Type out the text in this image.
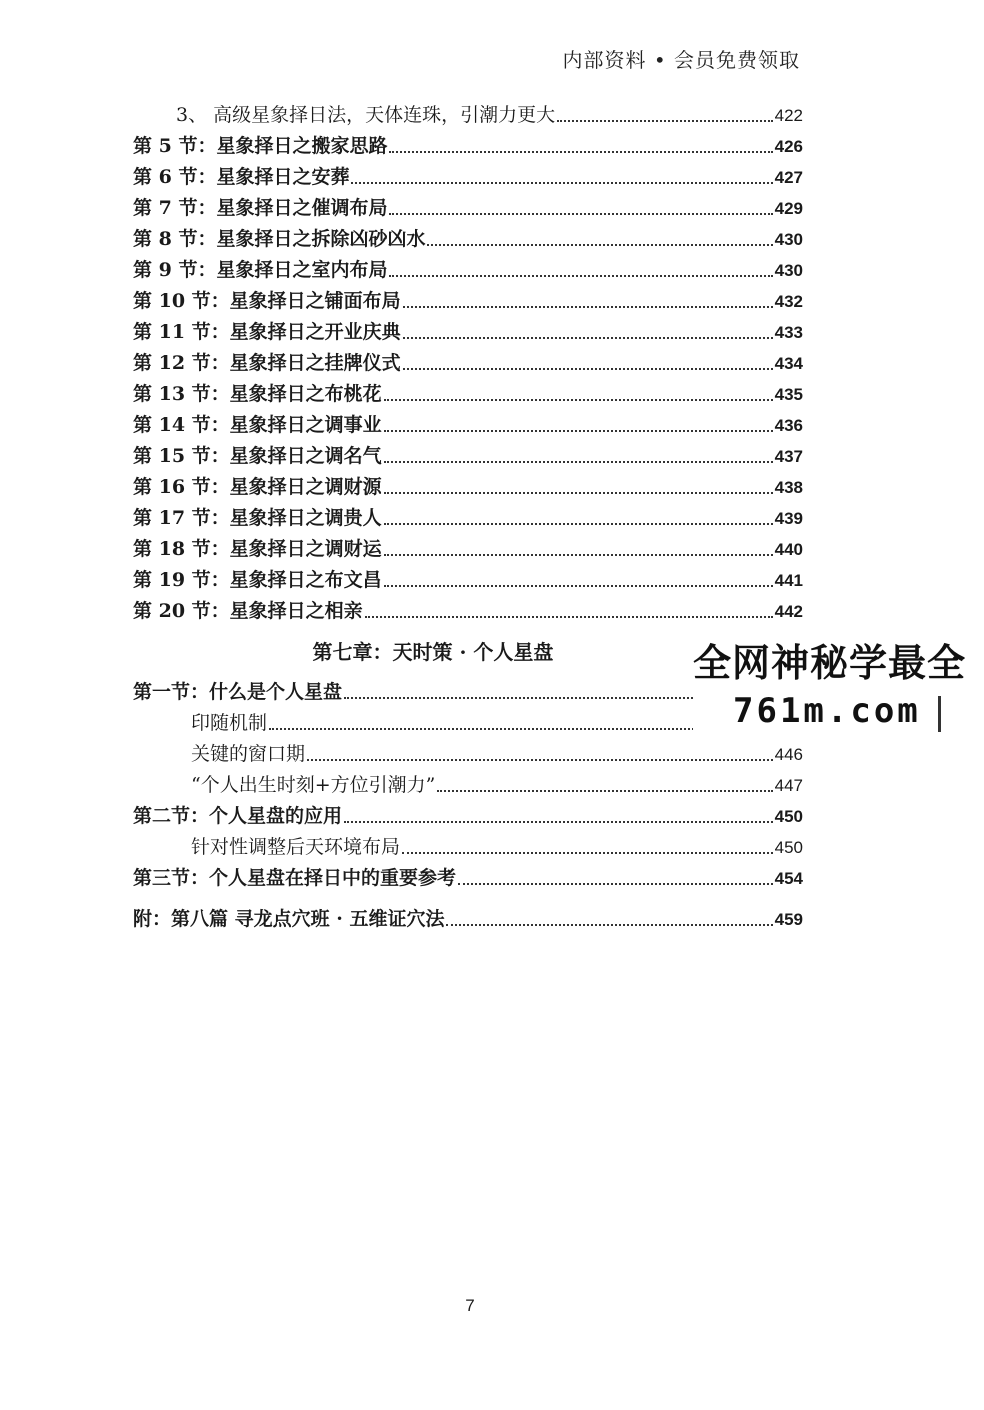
内部资料 • 会员免费领取
3、 高级星象择日法，天体连珠，引潮力更大	422
第 5 节：星象择日之搬家思路	426
第 6 节：星象择日之安葬	427
第 7 节：星象择日之催调布局	429
第 8 节：星象择日之拆除凶砂凶水	430
第 9 节：星象择日之室内布局	430
第 10 节：星象择日之铺面布局	432
第 11 节：星象择日之开业庆典	433
第 12 节：星象择日之挂牌仪式	434
第 13 节：星象择日之布桃花	435
第 14 节：星象择日之调事业	436
第 15 节：星象择日之调名气	437
第 16 节：星象择日之调财源	438
第 17 节：星象择日之调贵人	439
第 18 节：星象择日之调财运	440
第 19 节：星象择日之布文昌	441
第 20 节：星象择日之相亲	442
第七章：天时策 · 个人星盘
第一节：什么是个人星盘
印随机制
关键的窗口期	446
“个人出生时刻+方位引潮力”	447
第二节：个人星盘的应用	450
针对性调整后天环境布局	450
第三节：个人星盘在择日中的重要参考	454
附：第八篇 寻龙点穴班 · 五维证穴法	459
全网神秘学最全
761m.com
7
